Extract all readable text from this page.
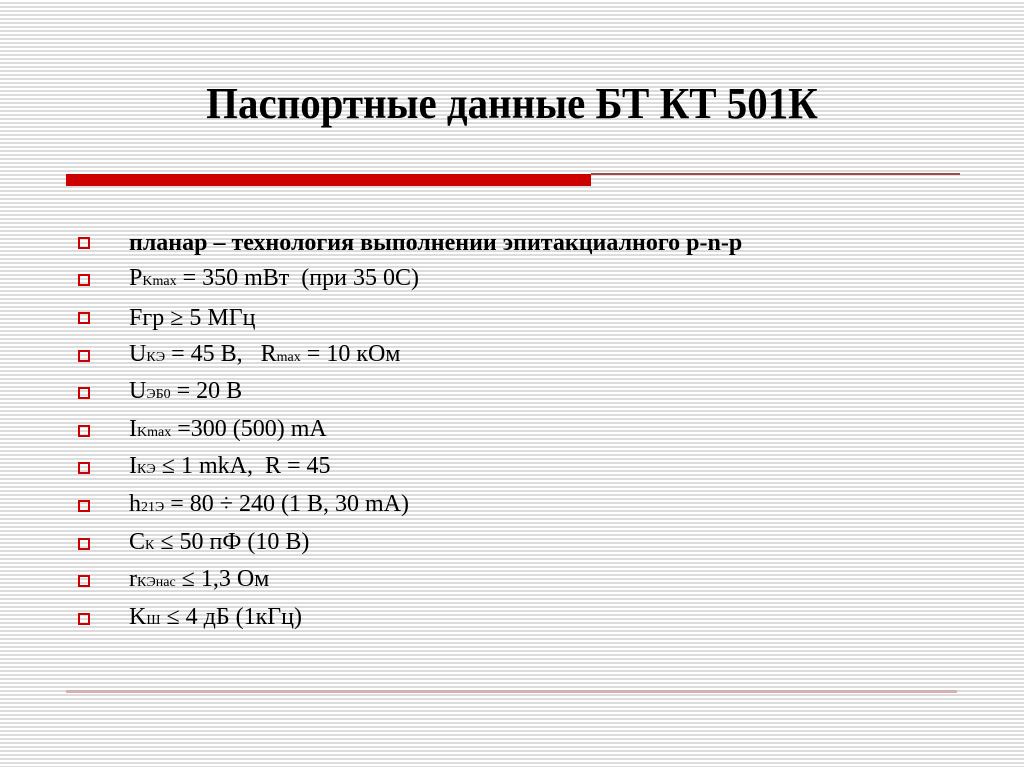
Паспортные данные БТ КТ 501К
планар – технология выполнении эпитакциалного p-n-p
PKmax = 350 mВт  (при 35 0С)
Fгр ≥ 5 МГц
UКЭ = 45 В,   Rmax = 10 кОм
UЭБ0 = 20 В
IKmax =300 (500) mA
IКЭ ≤ 1 mkA,  R = 45
h21Э = 80 ÷ 240 (1 В, 30 mA)
CК ≤ 50 пФ (10 В)
rКЭнас ≤ 1,3 Ом
KШ ≤ 4 дБ (1кГц)
